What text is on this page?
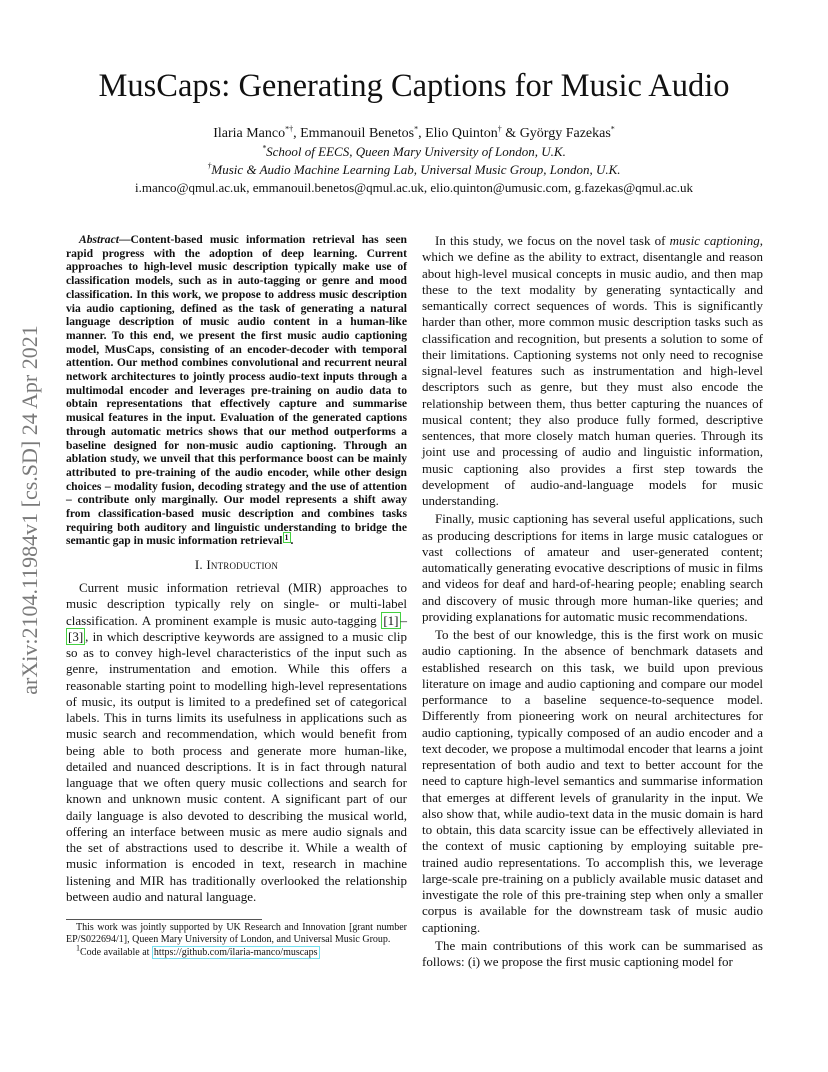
arXiv:2104.11984v1 [cs.SD] 24 Apr 2021
MusCaps: Generating Captions for Music Audio
Ilaria Manco*†, Emmanouil Benetos*, Elio Quinton† & György Fazekas*
*School of EECS, Queen Mary University of London, U.K.
†Music & Audio Machine Learning Lab, Universal Music Group, London, U.K.
i.manco@qmul.ac.uk, emmanouil.benetos@qmul.ac.uk, elio.quinton@umusic.com, g.fazekas@qmul.ac.uk

Abstract—Content-based music information retrieval has seen rapid progress with the adoption of deep learning. Current approaches to high-level music description typically make use of classification models, such as in auto-tagging or genre and mood classification. In this work, we propose to address music description via audio captioning, defined as the task of generating a natural language description of music audio content in a human-like manner. To this end, we present the first music audio captioning model, MusCaps, consisting of an encoder-decoder with temporal attention. Our method combines convolutional and recurrent neural network architectures to jointly process audio-text inputs through a multimodal encoder and leverages pre-training on audio data to obtain representations that effectively capture and summarise musical features in the input. Evaluation of the generated captions through automatic metrics shows that our method outperforms a baseline designed for non-music audio captioning. Through an ablation study, we unveil that this performance boost can be mainly attributed to pre-training of the audio encoder, while other design choices – modality fusion, decoding strategy and the use of attention – contribute only marginally. Our model represents a shift away from classification-based music description and combines tasks requiring both auditory and linguistic understanding to bridge the semantic gap in music information retrieval $^1$ .

I. Introduction

Current music information retrieval (MIR) approaches to music description typically rely on single- or multi-label classification. A prominent example is music auto-tagging [1] –[3] , in which descriptive keywords are assigned to a music clip so as to convey high-level characteristics of the input such as genre, instrumentation and emotion. While this offers a reasonable starting point to modelling high-level representations of music, its output is limited to a predefined set of categorical labels. This in turns limits its usefulness in applications such as music search and recommendation, which would benefit from being able to both process and generate more human-like, detailed and nuanced descriptions. It is in fact through natural language that we often query music collections and search for known and unknown music content. A significant part of our daily language is also devoted to describing the musical world, offering an interface between music as mere audio signals and the set of abstractions used to describe it. While a wealth of music information is encoded in text, research in machine listening and MIR has traditionally overlooked the relationship between audio and natural language.

In this study, we focus on the novel task of music captioning, which we define as the ability to extract, disentangle and reason about high-level musical concepts in music audio, and then map these to the text modality by generating syntactically and semantically correct sequences of words. This is significantly harder than other, more common music description tasks such as classification and recognition, but presents a solution to some of their limitations. Captioning systems not only need to recognise signal-level features such as instrumentation and high-level descriptors such as genre, but they must also encode the relationship between them, thus better capturing the nuances of musical content; they also produce fully formed, descriptive sentences, that more closely match human queries. Through its joint use and processing of audio and linguistic information, music captioning also provides a first step towards the development of audio-and-language models for music understanding.

Finally, music captioning has several useful applications, such as producing descriptions for items in large music catalogues or vast collections of amateur and user-generated content; automatically generating evocative descriptions of music in films and videos for deaf and hard-of-hearing people; enabling search and discovery of music through more human-like queries; and providing explanations for automatic music recommendations.

To the best of our knowledge, this is the first work on music audio captioning. In the absence of benchmark datasets and established research on this task, we build upon previous literature on image and audio captioning and compare our model performance to a baseline sequence-to-sequence model. Differently from pioneering work on neural architectures for audio captioning, typically composed of an audio encoder and a text decoder, we propose a multimodal encoder that learns a joint representation of both audio and text to better account for the need to capture high-level semantics and summarise information that emerges at different levels of granularity in the input. We also show that, while audio-text data in the music domain is hard to obtain, this data scarcity issue can be effectively alleviated in the context of music captioning by employing suitable pre-trained audio representations. To accomplish this, we leverage large-scale pre-training on a publicly available music dataset and investigate the role of this pre-training step when only a smaller corpus is available for the downstream task of music audio captioning.

The main contributions of this work can be summarised as follows: (i) we propose the first music captioning model for

This work was jointly supported by UK Research and Innovation [grant number EP/S022694/1], Queen Mary University of London, and Universal Music Group.

$^1$Code available at https://github.com/ilaria-manco/muscaps
